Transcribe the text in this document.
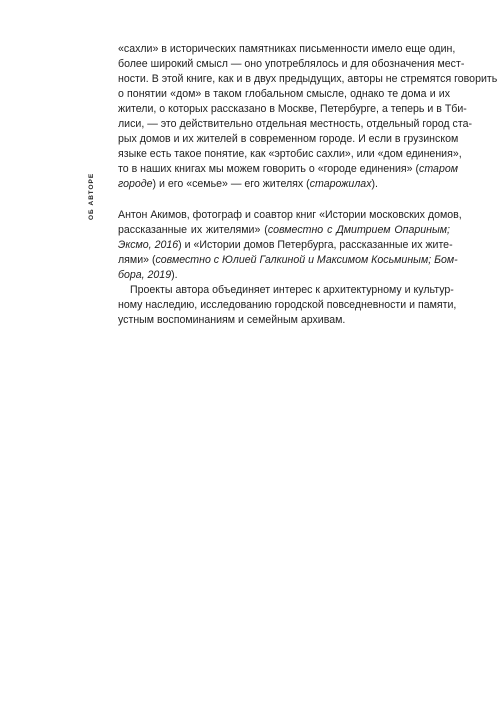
ОБ АВТОРЕ
«сахли» в исторических памятниках письменности имело еще один,
более широкий смысл — оно употреблялось и для обозначения мест-
ности. В этой книге, как и в двух предыдущих, авторы не стремятся говорить
о понятии «дом» в таком глобальном смысле, однако те дома и их
жители, о которых рассказано в Москве, Петербурге, а теперь и в Тби-
лиси, — это действительно отдельная местность, отдельный город ста-
рых домов и их жителей в современном городе. И если в грузинском
языке есть такое понятие, как «эртобис сахли», или «дом единения»,
то в наших книгах мы можем говорить о «городе единения» (старом
городе) и его «семье» — его жителях (старожилах).
Антон Акимов, фотограф и соавтор книг «Истории московских домов,
рассказанные их жителями» (совместно с Дмитрием Опариным;
Эксмо, 2016) и «Истории домов Петербурга, рассказанные их жите-
лями» (совместно с Юлией Галкиной и Максимом Косьминым; Бом-
бора, 2019).
Проекты автора объединяет интерес к архитектурному и культур-
ному наследию, исследованию городской повседневности и памяти,
устным воспоминаниям и семейным архивам.
